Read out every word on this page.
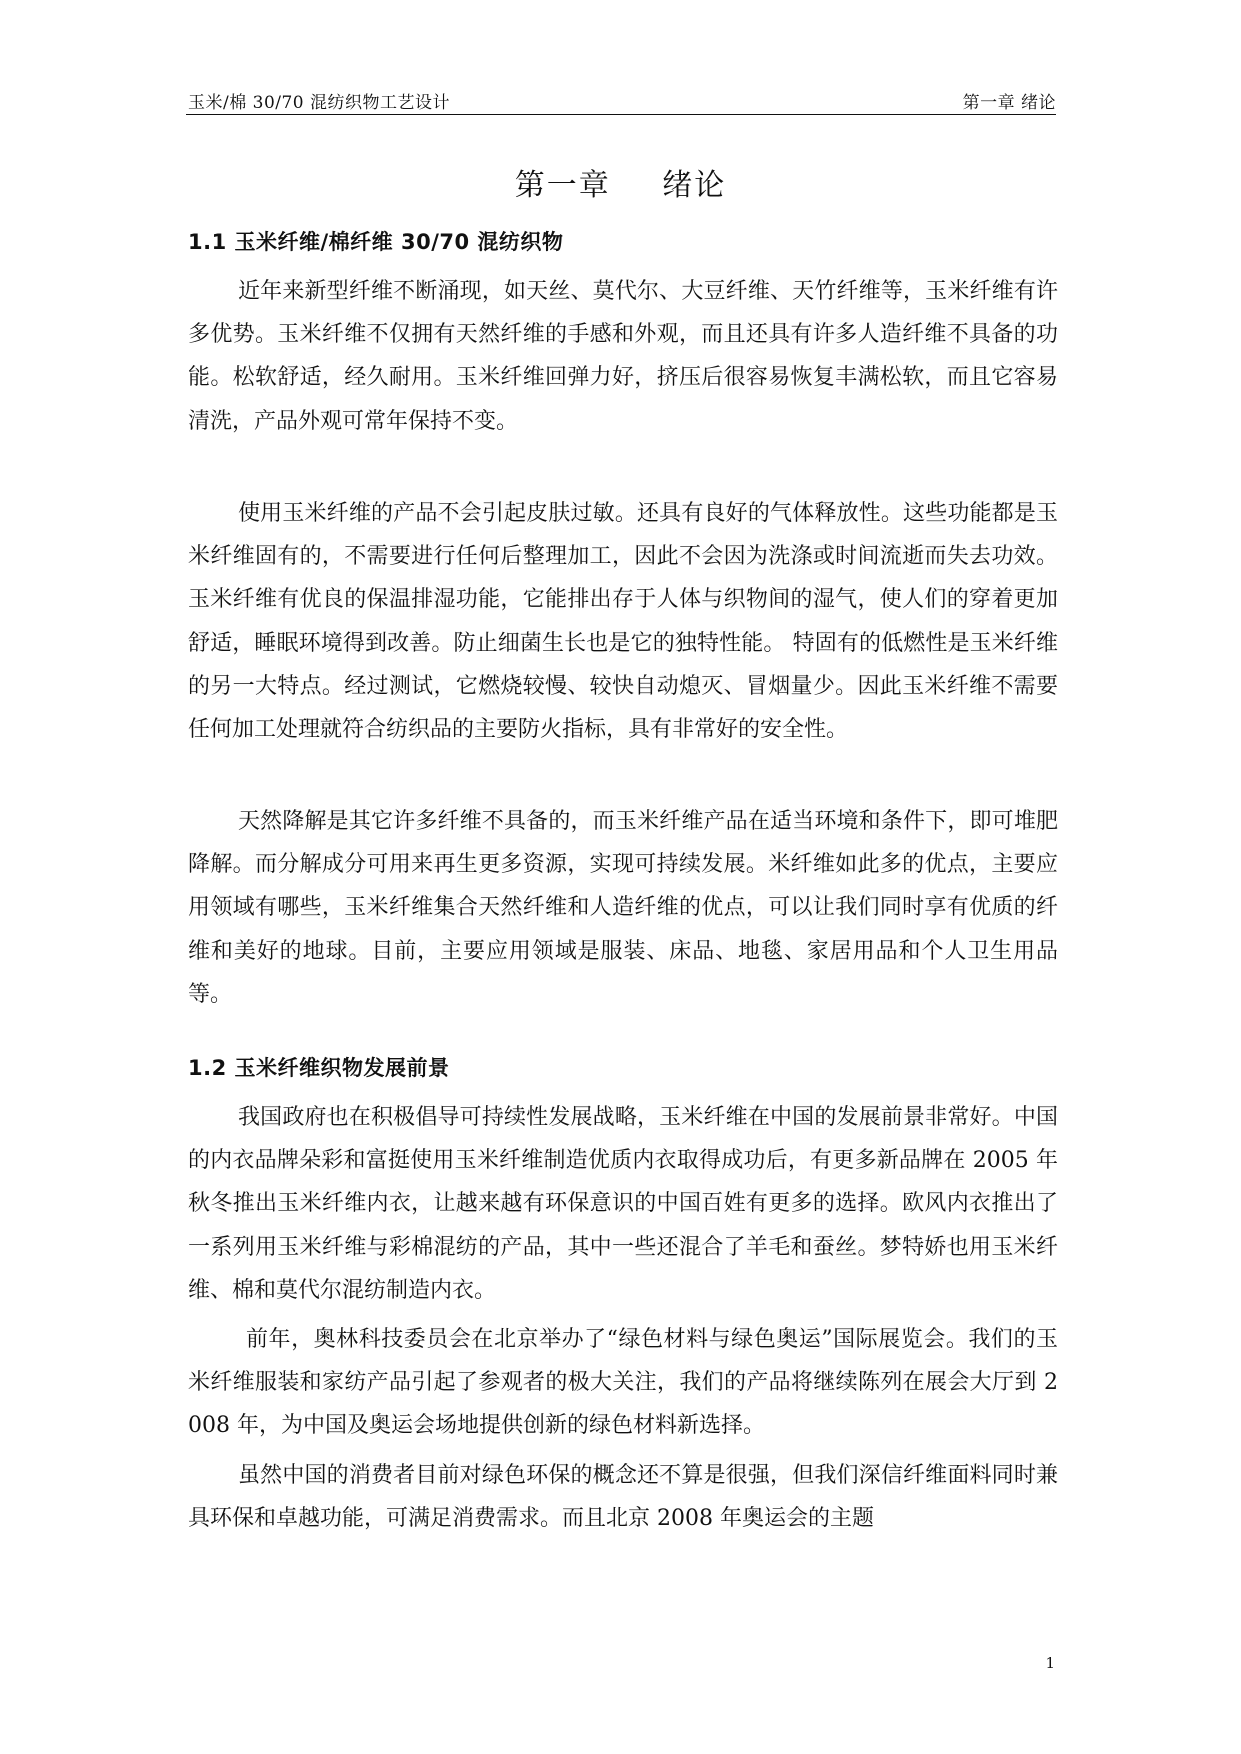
玉米/棉 30/70 混纺织物工艺设计	第一章 绪论
第一章 绪论
1.1 玉米纤维/棉纤维 30/70 混纺织物

近年来新型纤维不断涌现，如天丝、莫代尔、大豆纤维、天竹纤维等，玉米纤维有许多优势。玉米纤维不仅拥有天然纤维的手感和外观，而且还具有许多人造纤维不具备的功能。松软舒适，经久耐用。玉米纤维回弹力好，挤压后很容易恢复丰满松软，而且它容易清洗，产品外观可常年保持不变。

使用玉米纤维的产品不会引起皮肤过敏。还具有良好的气体释放性。这些功能都是玉米纤维固有的，不需要进行任何后整理加工，因此不会因为洗涤或时间流逝而失去功效。玉米纤维有优良的保温排湿功能，它能排出存于人体与织物间的湿气，使人们的穿着更加舒适，睡眠环境得到改善。防止细菌生长也是它的独特性能。 特固有的低燃性是玉米纤维的另一大特点。经过测试，它燃烧较慢、较快自动熄灭、冒烟量少。因此玉米纤维不需要任何加工处理就符合纺织品的主要防火指标，具有非常好的安全性。

天然降解是其它许多纤维不具备的，而玉米纤维产品在适当环境和条件下，即可堆肥降解。而分解成分可用来再生更多资源，实现可持续发展。米纤维如此多的优点，主要应用领域有哪些，玉米纤维集合天然纤维和人造纤维的优点，可以让我们同时享有优质的纤维和美好的地球。目前，主要应用领域是服装、床品、地毯、家居用品和个人卫生用品等。

1.2 玉米纤维织物发展前景

我国政府也在积极倡导可持续性发展战略，玉米纤维在中国的发展前景非常好。中国的内衣品牌朵彩和富挺使用玉米纤维制造优质内衣取得成功后，有更多新品牌在 2005 年秋冬推出玉米纤维内衣，让越来越有环保意识的中国百姓有更多的选择。欧风内衣推出了一系列用玉米纤维与彩棉混纺的产品，其中一些还混合了羊毛和蚕丝。梦特娇也用玉米纤维、棉和莫代尔混纺制造内衣。

前年，奥林科技委员会在北京举办了“绿色材料与绿色奥运”国际展览会。我们的玉米纤维服装和家纺产品引起了参观者的极大关注，我们的产品将继续陈列在展会大厅到 2008 年，为中国及奥运会场地提供创新的绿色材料新选择。

虽然中国的消费者目前对绿色环保的概念还不算是很强，但我们深信纤维面料同时兼具环保和卓越功能，可满足消费需求。而且北京 2008 年奥运会的主题

1
